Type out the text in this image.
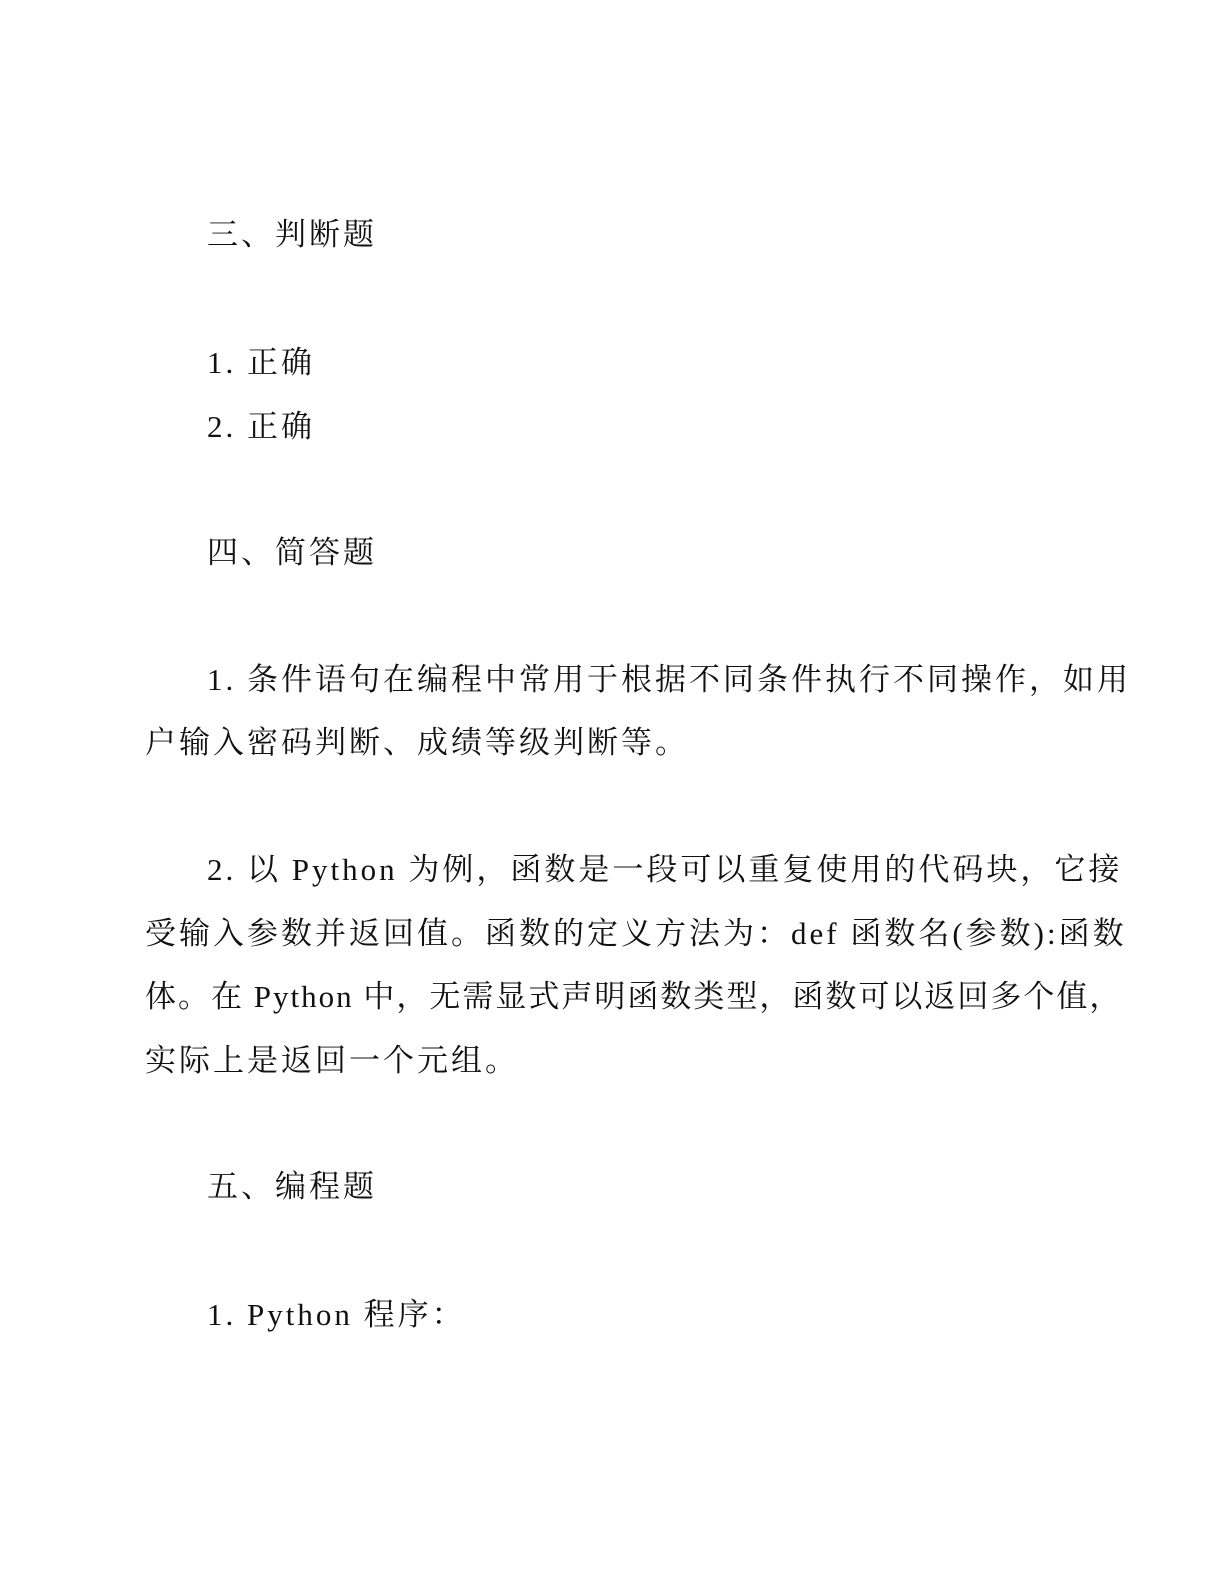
三、判断题
1. 正确
2. 正确
四、简答题
1. 条件语句在编程中常用于根据不同条件执行不同操作，如用
户输入密码判断、成绩等级判断等。
2. 以 Python 为例，函数是一段可以重复使用的代码块，它接
受输入参数并返回值。函数的定义方法为：def 函数名(参数):函数
体。在 Python 中，无需显式声明函数类型，函数可以返回多个值，
实际上是返回一个元组。
五、编程题
1. Python 程序：
